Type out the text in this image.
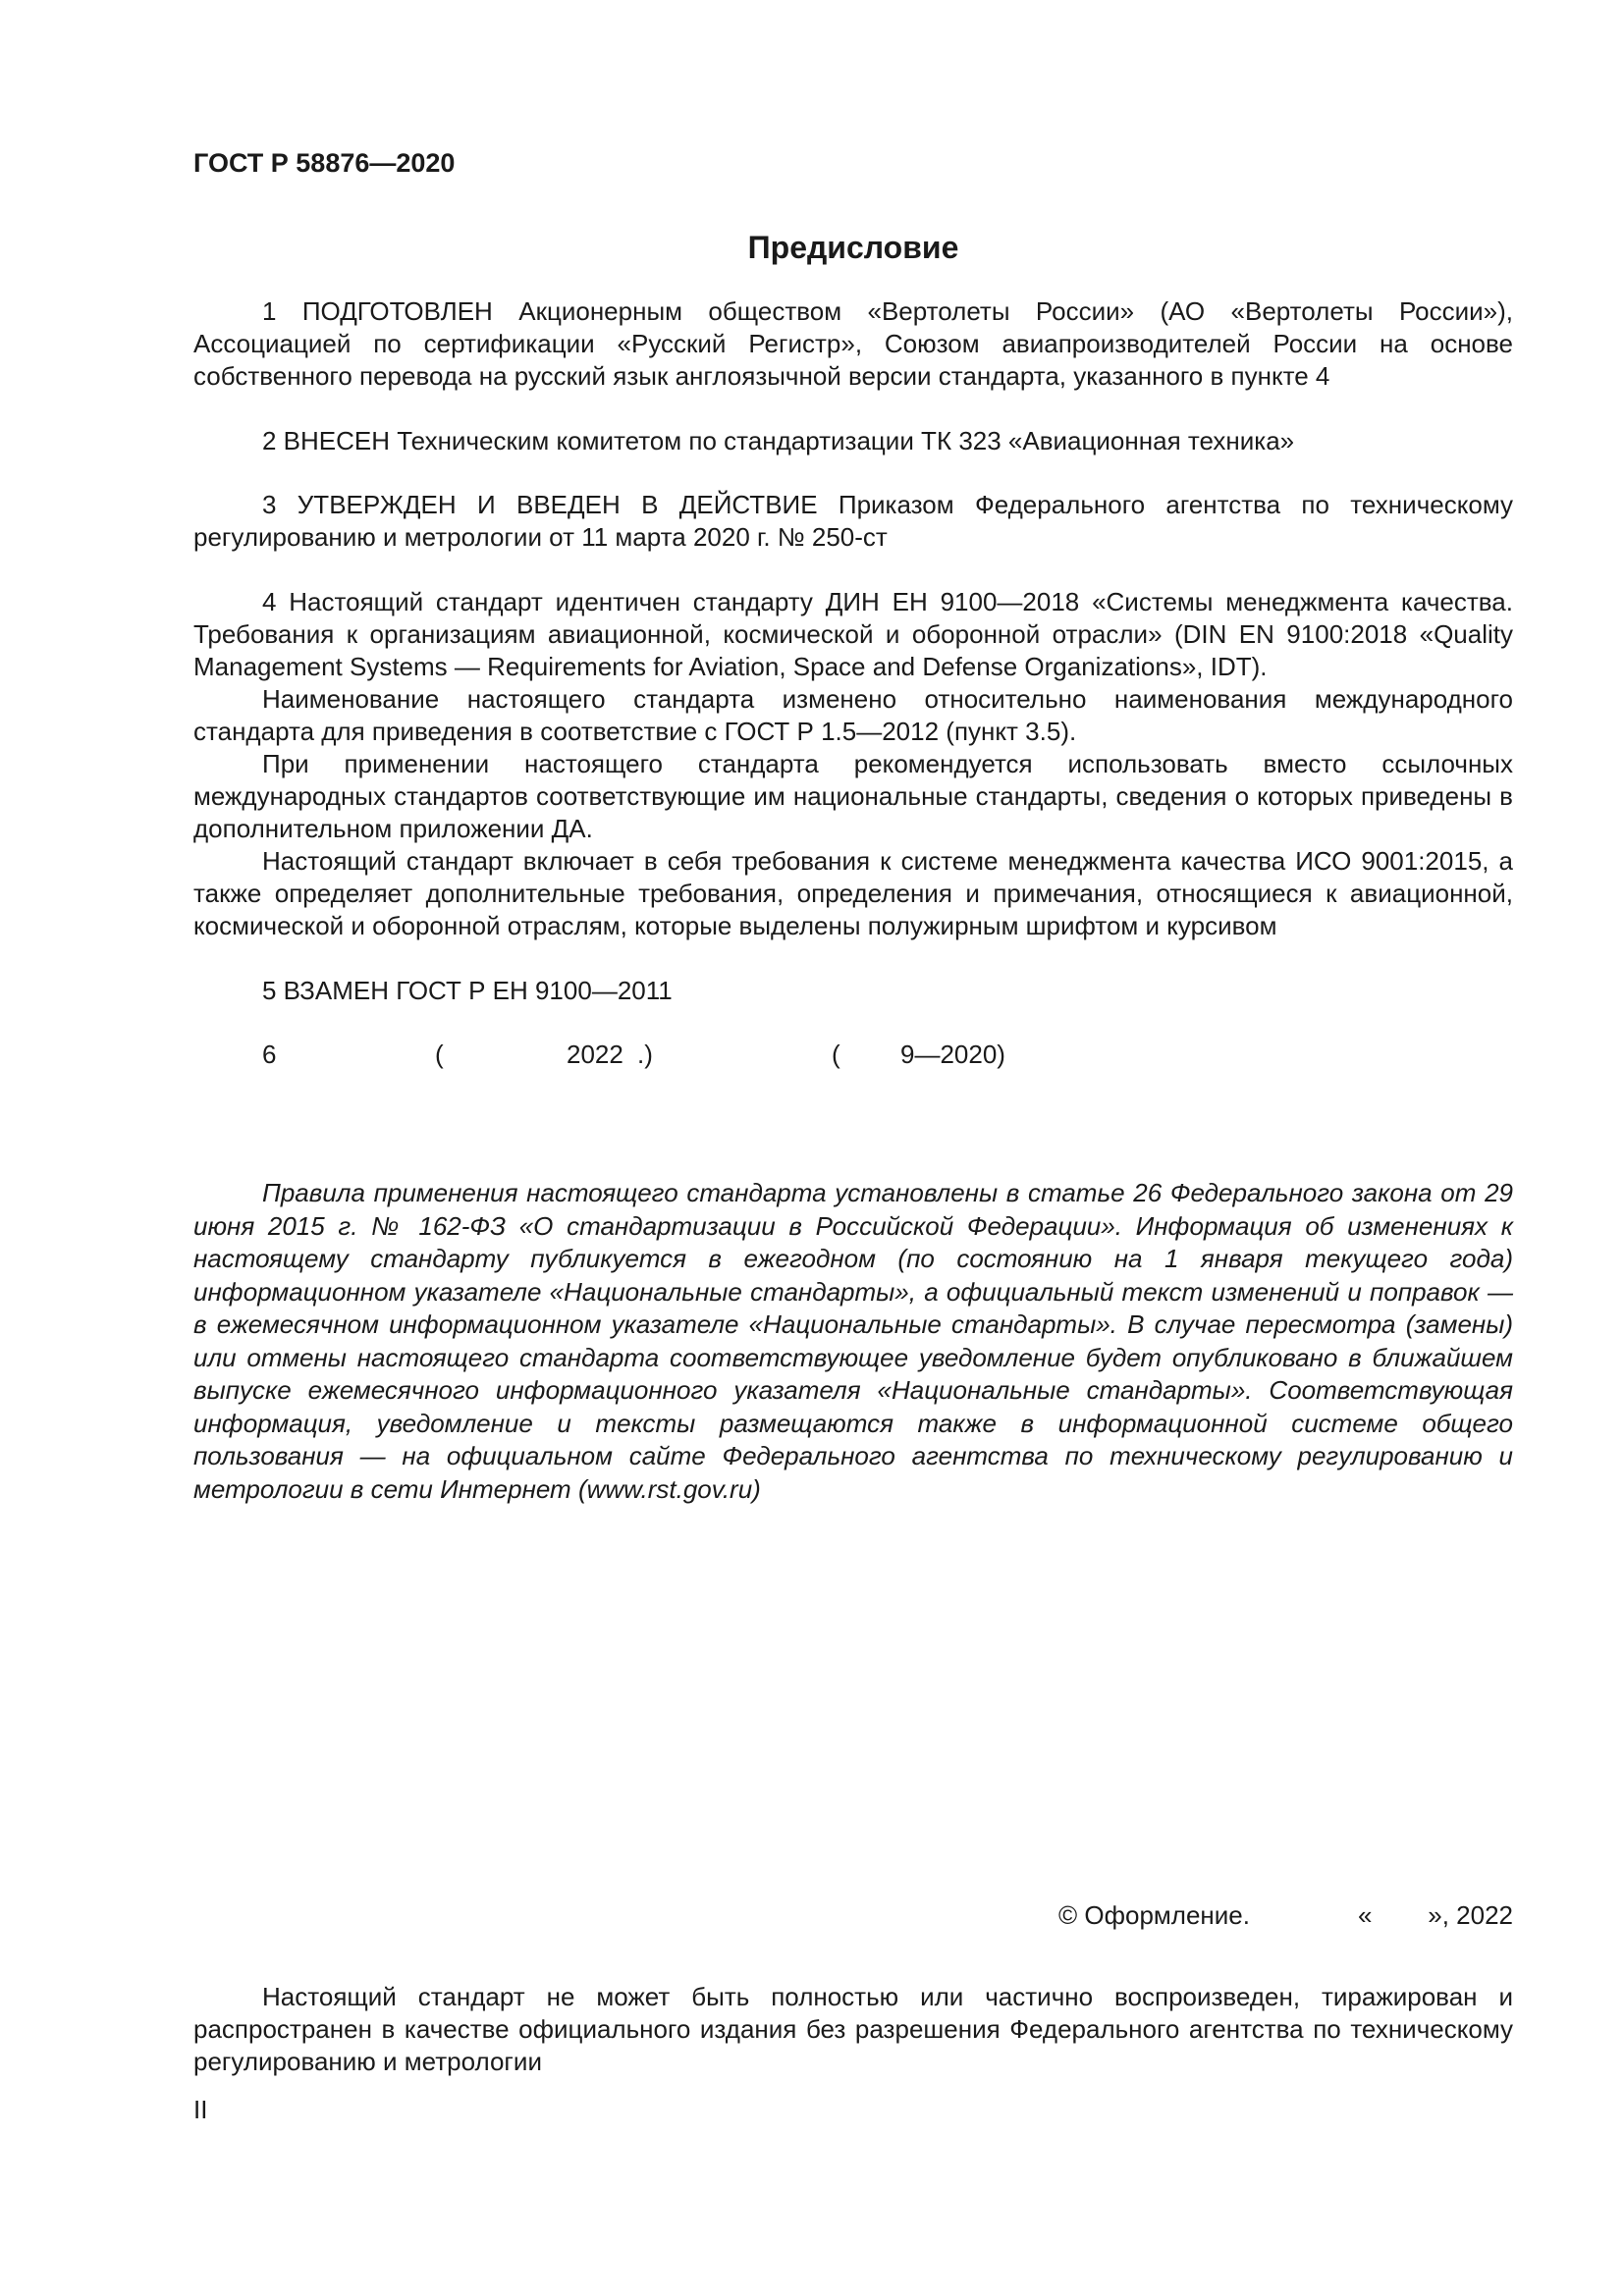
ГОСТ Р 58876—2020
Предисловие

1 ПОДГОТОВЛЕН Акционерным обществом «Вертолеты России» (АО «Вертолеты России»), Ассоциацией по сертификации «Русский Регистр», Союзом авиапроизводителей России на основе собственного перевода на русский язык англоязычной версии стандарта, указанного в пункте 4

2 ВНЕСЕН Техническим комитетом по стандартизации ТК 323 «Авиационная техника»

3 УТВЕРЖДЕН И ВВЕДЕН В ДЕЙСТВИЕ Приказом Федерального агентства по техническому регулированию и метрологии от 11 марта 2020 г. № 250-ст

4 Настоящий стандарт идентичен стандарту ДИН ЕН 9100—2018 «Системы менеджмента качества. Требования к организациям авиационной, космической и оборонной отрасли» (DIN EN 9100:2018 «Quality Management Systems — Requirements for Aviation, Space and Defense Organizations», IDT).

Наименование настоящего стандарта изменено относительно наименования международного стандарта для приведения в соответствие с ГОСТ Р 1.5—2012 (пункт 3.5).

При применении настоящего стандарта рекомендуется использовать вместо ссылочных международных стандартов соответствующие им национальные стандарты, сведения о которых приведены в дополнительном приложении ДА.

Настоящий стандарт включает в себя требования к системе менеджмента качества ИСО 9001:2015, а также определяет дополнительные требования, определения и примечания, относящиеся к авиационной, космической и оборонной отраслям, которые выделены полужирным шрифтом и курсивом

5 ВЗАМЕН ГОСТ Р ЕН 9100—2011

6	(	2022 .)	( 9—2020)

Правила применения настоящего стандарта установлены в статье 26 Федерального закона от 29 июня 2015 г. № 162-ФЗ «О стандартизации в Российской Федерации». Информация об изменениях к настоящему стандарту публикуется в ежегодном (по состоянию на 1 января текущего года) информационном указателе «Национальные стандарты», а официальный текст изменений и поправок — в ежемесячном информационном указателе «Национальные стандарты». В случае пересмотра (замены) или отмены настоящего стандарта соответствующее уведомление будет опубликовано в ближайшем выпуске ежемесячного информационного указателя «Национальные стандарты». Соответствующая информация, уведомление и тексты размещаются также в информационной системе общего пользования — на официальном сайте Федерального агентства по техническому регулированию и метрологии в сети Интернет (www.rst.gov.ru)

© Оформление.	« », 2022

Настоящий стандарт не может быть полностью или частично воспроизведен, тиражирован и распространен в качестве официального издания без разрешения Федерального агентства по техническому регулированию и метрологии

II
